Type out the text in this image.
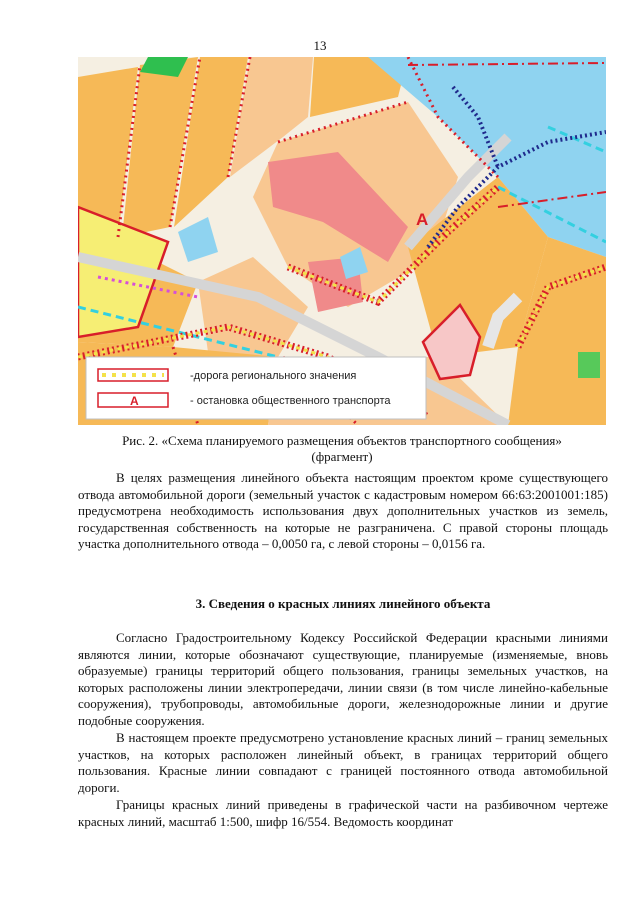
13
А
-дорога регионального значения
А	- остановка общественного транспорта
Рис. 2. «Схема планируемого размещения объектов транспортного сообщения»
(фрагмент)

В целях размещения линейного объекта настоящим проектом кроме существующего отвода автомобильной дороги (земельный участок с кадастровым номером 66:63:2001001:185) предусмотрена необходимость использования двух дополнительных участков из земель, государственная собственность на которые не разграничена. С правой стороны площадь участка дополнительного отвода – 0,0050 га, с левой стороны – 0,0156 га.

3. Сведения о красных линиях линейного объекта

Согласно Градостроительному Кодексу Российской Федерации красными линиями являются линии, которые обозначают существующие, планируемые (изменяемые, вновь образуемые) границы территорий общего пользования, границы земельных участков, на которых расположены линии электропередачи, линии связи (в том числе линейно-кабельные сооружения), трубопроводы, автомобильные дороги, железнодорожные линии и другие подобные сооружения.

В настоящем проекте предусмотрено установление красных линий – границ земельных участков, на которых расположен линейный объект, в границах территорий общего пользования. Красные линии совпадают с границей постоянного отвода автомобильной дороги.

Границы красных линий приведены в графической части на разбивочном чертеже красных линий, масштаб 1:500, шифр 16/554. Ведомость координат
